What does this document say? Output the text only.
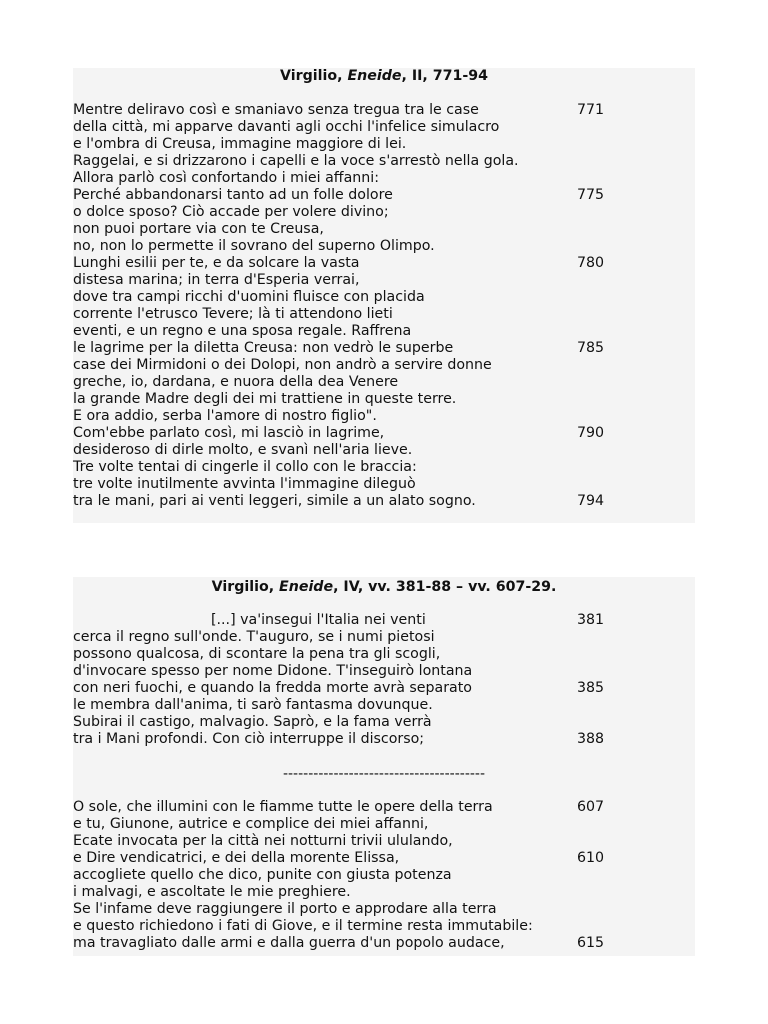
Virgilio, Eneide, II, 771-94
Mentre deliravo così e smaniavo senza tregua tra le case	771
della città, mi apparve davanti agli occhi l'infelice simulacro
e l'ombra di Creusa, immagine maggiore di lei.
Raggelai, e si drizzarono i capelli e la voce s'arrestò nella gola.
Allora parlò così confortando i miei affanni:
Perché abbandonarsi tanto ad un folle dolore	775
o dolce sposo? Ciò accade per volere divino;
non puoi portare via con te Creusa,
no, non lo permette il sovrano del superno Olimpo.
Lunghi esilii per te, e da solcare la vasta	780
distesa marina; in terra d'Esperia verrai,
dove tra campi ricchi d'uomini fluisce con placida
corrente l'etrusco Tevere; là ti attendono lieti
eventi, e un regno e una sposa regale. Raffrena
le lagrime per la diletta Creusa: non vedrò le superbe	785
case dei Mirmidoni o dei Dolopi, non andrò a servire donne
greche, io, dardana, e nuora della dea Venere
la grande Madre degli dei mi trattiene in queste terre.
E ora addio, serba l'amore di nostro figlio".
Com'ebbe parlato così, mi lasciò in lagrime,	790
desideroso di dirle molto, e svanì nell'aria lieve.
Tre volte tentai di cingerle il collo con le braccia:
tre volte inutilmente avvinta l'immagine dileguò
tra le mani, pari ai venti leggeri, simile a un alato sogno.	794
Virgilio, Eneide, IV, vv. 381-88 – vv. 607-29.
[...] va'insegui l'Italia nei venti	381
cerca il regno sull'onde. T'auguro, se i numi pietosi
possono qualcosa, di scontare la pena tra gli scogli,
d'invocare spesso per nome Didone. T'inseguirò lontana
con neri fuochi, e quando la fredda morte avrà separato	385
le membra dall'anima, ti sarò fantasma dovunque.
Subirai il castigo, malvagio. Saprò, e la fama verrà
tra i Mani profondi. Con ciò interruppe il discorso;	388
----------------------------------------
O sole, che illumini con le fiamme tutte le opere della terra	607
e tu, Giunone, autrice e complice dei miei affanni,
Ecate invocata per la città nei notturni trivii ululando,
e Dire vendicatrici, e dei della morente Elissa,	610
accogliete quello che dico, punite con giusta potenza
i malvagi, e ascoltate le mie preghiere.
Se l'infame deve raggiungere il porto e approdare alla terra
e questo richiedono i fati di Giove, e il termine resta immutabile:
ma travagliato dalle armi e dalla guerra d'un popolo audace,	615
